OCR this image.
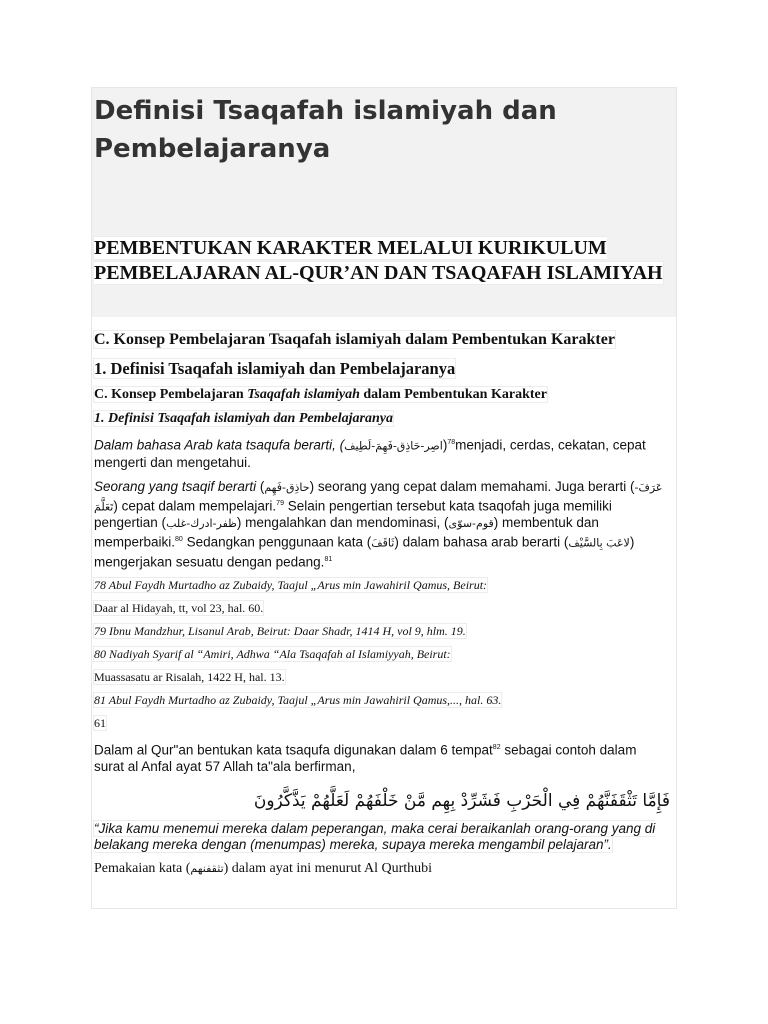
Definisi Tsaqafah islamiyah dan Pembelajaranya
PEMBENTUKAN KARAKTER MELALUI KURIKULUM PEMBELAJARAN AL-QUR’AN DAN TSAQAFAH ISLAMIYAH

C. Konsep Pembelajaran Tsaqafah islamiyah dalam Pembentukan Karakter

1. Definisi Tsaqafah islamiyah dan Pembelajaranya

C. Konsep Pembelajaran Tsaqafah islamiyah dalam Pembentukan Karakter

1. Definisi Tsaqafah islamiyah dan Pembelajaranya

Dalam bahasa Arab kata tsaqufa berarti, (اصِر-حَاذِق-فَهِمَ-لَطِيف)$^{78}$menjadi, cerdas, cekatan, cepat mengerti dan mengetahui.

Seorang yang tsaqif berarti (حاذِق-فَهِم) seorang yang cepat dalam memahami. Juga berarti (عَرَفَ-تَعَلَّمَ) cepat dalam mempelajari.$^{79}$ Selain pengertian tersebut kata tsaqofah juga memiliki pengertian (ظفر-ادرك-غلب) mengalahkan dan mendominasi, (قوم-سوّى) membentuk dan memperbaiki.$^{80}$ Sedangkan penggunaan kata (ثَاقَفَ) dalam bahasa arab berarti (لاعَبَ بِالسَّيْف) mengerjakan sesuatu dengan pedang.$^{81}$

78 Abul Faydh Murtadho az Zubaidy, Taajul „Arus min Jawahiril Qamus, Beirut:

Daar al Hidayah, tt, vol 23, hal. 60.

79 Ibnu Mandzhur, Lisanul Arab, Beirut: Daar Shadr, 1414 H, vol 9, hlm. 19.

80 Nadiyah Syarif al “Amiri, Adhwa “Ala Tsaqafah al Islamiyyah, Beirut:

Muassasatu ar Risalah, 1422 H, hal. 13.

81 Abul Faydh Murtadho az Zubaidy, Taajul „Arus min Jawahiril Qamus,..., hal. 63.

61

Dalam al Qur"an bentukan kata tsaqufa digunakan dalam 6 tempat$^{82}$ sebagai contoh dalam surat al Anfal ayat 57 Allah ta"ala berfirman,

فَإِمَّا تَثْقَفَنَّهُمْ فِي الْحَرْبِ فَشَرِّدْ بِهِم مَّنْ خَلْفَهُمْ لَعَلَّهُمْ يَذَّكَّرُونَ

“Jika kamu menemui mereka dalam peperangan, maka cerai beraikanlah orang-orang yang di belakang mereka dengan (menumpas) mereka, supaya mereka mengambil pelajaran”.

Pemakaian kata (تثقفنهم) dalam ayat ini menurut Al Qurthubi
